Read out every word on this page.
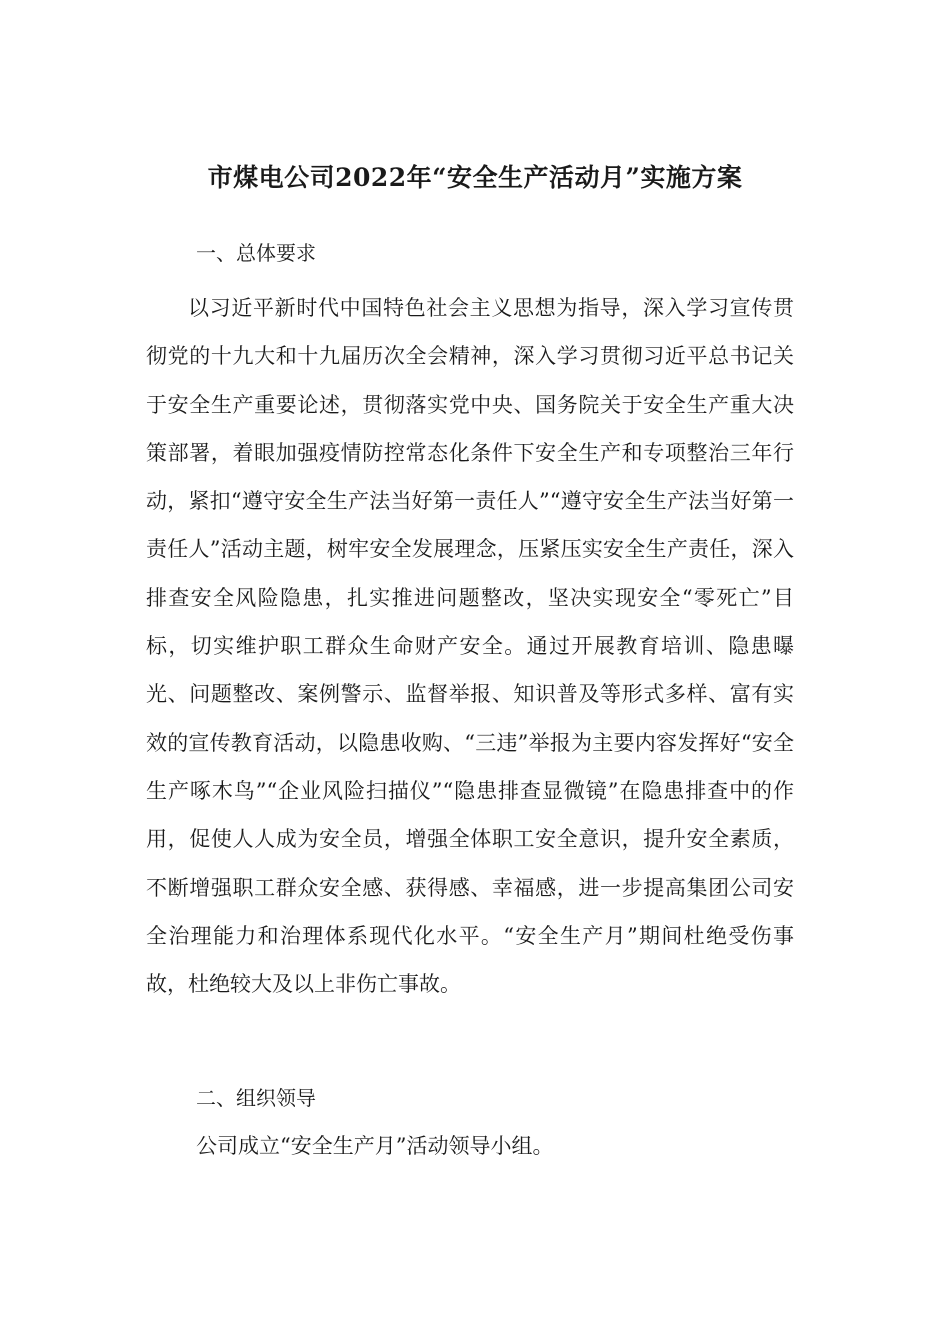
市煤电公司2022年“安全生产活动月”实施方案

一、总体要求

以习近平新时代中国特色社会主义思想为指导，深入学习宣传贯彻党的十九大和十九届历次全会精神，深入学习贯彻习近平总书记关于安全生产重要论述，贯彻落实党中央、国务院关于安全生产重大决策部署，着眼加强疫情防控常态化条件下安全生产和专项整治三年行动，紧扣“遵守安全生产法当好第一责任人”“遵守安全生产法当好第一责任人”活动主题，树牢安全发展理念，压紧压实安全生产责任，深入排查安全风险隐患，扎实推进问题整改，坚决实现安全“零死亡”目标，切实维护职工群众生命财产安全。通过开展教育培训、隐患曝光、问题整改、案例警示、监督举报、知识普及等形式多样、富有实效的宣传教育活动，以隐患收购、“三违”举报为主要内容发挥好“安全生产啄木鸟”“企业风险扫描仪”“隐患排查显微镜”在隐患排查中的作用，促使人人成为安全员，增强全体职工安全意识，提升安全素质，不断增强职工群众安全感、获得感、幸福感，进一步提高集团公司安全治理能力和治理体系现代化水平。“安全生产月”期间杜绝受伤事故，杜绝较大及以上非伤亡事故。

二、组织领导

公司成立“安全生产月”活动领导小组。
